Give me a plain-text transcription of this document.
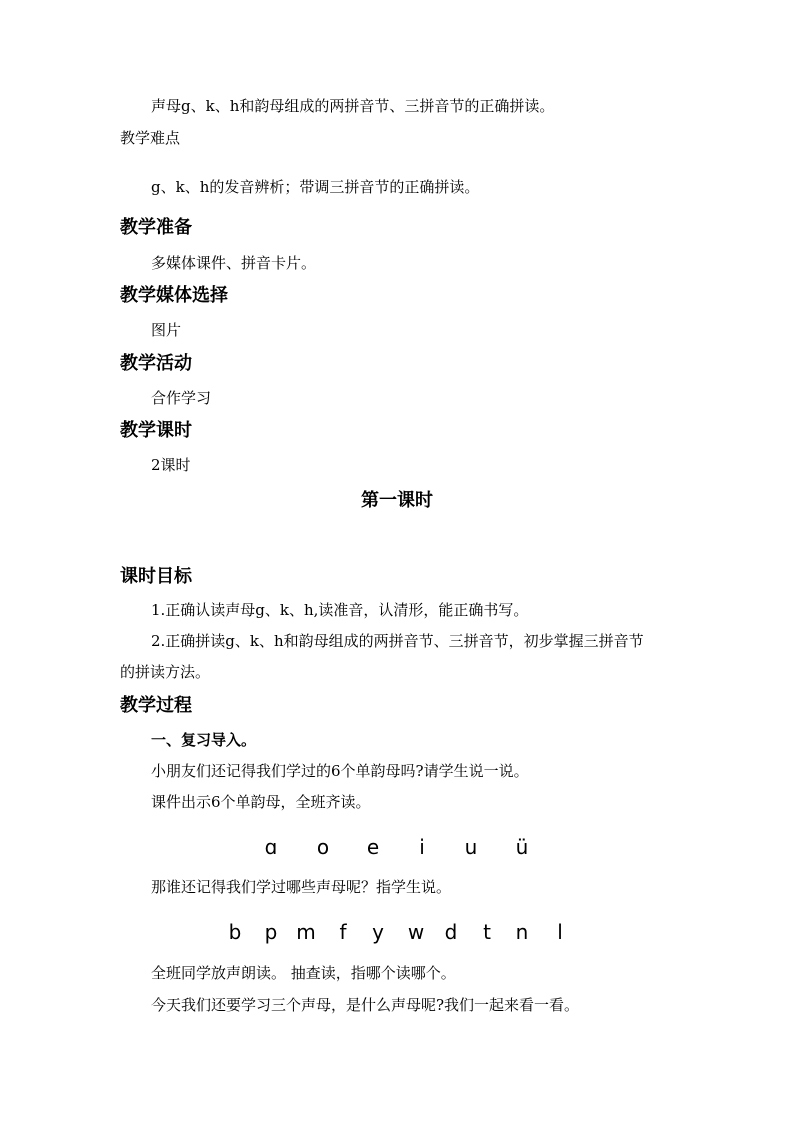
声母g、k、h和韵母组成的两拼音节、三拼音节的正确拼读。
教学难点
g、k、h的发音辨析；带调三拼音节的正确拼读。
教学准备
多媒体课件、拼音卡片。
教学媒体选择
图片
教学活动
合作学习
教学课时
2课时
第一课时
课时目标
1.正确认读声母g、k、h,读准音，认清形，能正确书写。
2.正确拼读g、k、h和韵母组成的两拼音节、三拼音节，初步掌握三拼音节
的拼读方法。
教学过程
一、复习导入。
小朋友们还记得我们学过的6个单韵母吗?请学生说一说。
课件出示6个单韵母，全班齐读。
ɑ o e i u ü
那谁还记得我们学过哪些声母呢？指学生说。
b p m f y w d t n l
全班同学放声朗读。 抽查读，指哪个读哪个。
今天我们还要学习三个声母，是什么声母呢?我们一起来看一看。
